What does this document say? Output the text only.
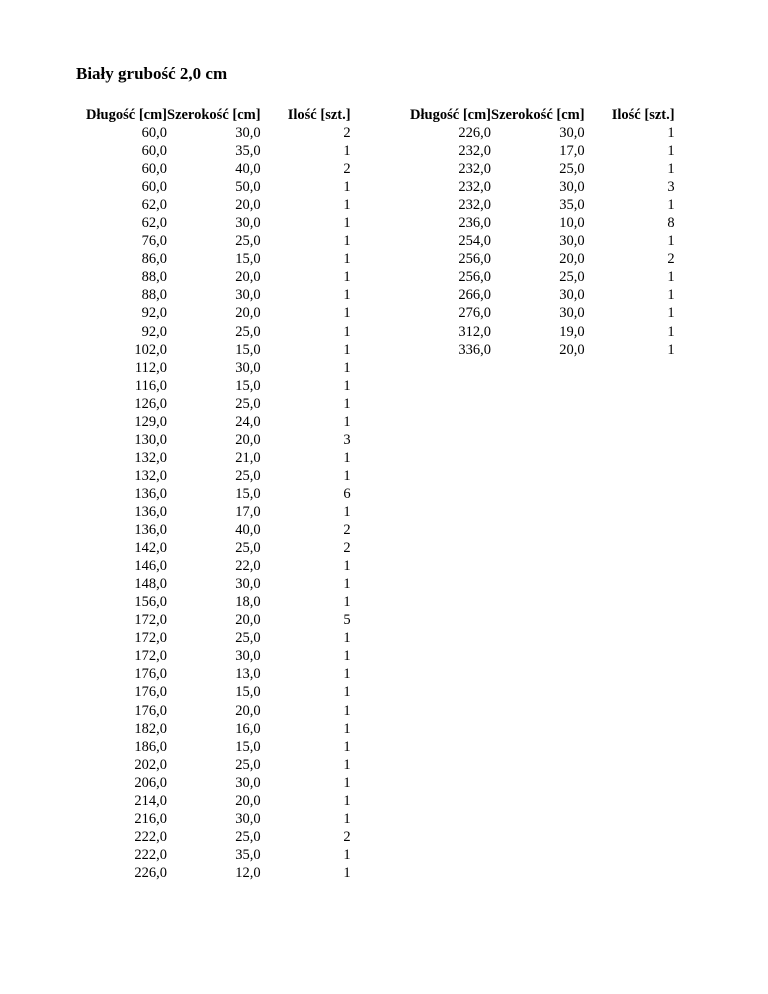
Biały grubość 2,0 cm
Długość [cm]	Szerokość [cm]	Ilość [szt.]
60,0	30,0	2
60,0	35,0	1
60,0	40,0	2
60,0	50,0	1
62,0	20,0	1
62,0	30,0	1
76,0	25,0	1
86,0	15,0	1
88,0	20,0	1
88,0	30,0	1
92,0	20,0	1
92,0	25,0	1
102,0	15,0	1
112,0	30,0	1
116,0	15,0	1
126,0	25,0	1
129,0	24,0	1
130,0	20,0	3
132,0	21,0	1
132,0	25,0	1
136,0	15,0	6
136,0	17,0	1
136,0	40,0	2
142,0	25,0	2
146,0	22,0	1
148,0	30,0	1
156,0	18,0	1
172,0	20,0	5
172,0	25,0	1
172,0	30,0	1
176,0	13,0	1
176,0	15,0	1
176,0	20,0	1
182,0	16,0	1
186,0	15,0	1
202,0	25,0	1
206,0	30,0	1
214,0	20,0	1
216,0	30,0	1
222,0	25,0	2
222,0	35,0	1
226,0	12,0	1
Długość [cm]	Szerokość [cm]	Ilość [szt.]
226,0	30,0	1
232,0	17,0	1
232,0	25,0	1
232,0	30,0	3
232,0	35,0	1
236,0	10,0	8
254,0	30,0	1
256,0	20,0	2
256,0	25,0	1
266,0	30,0	1
276,0	30,0	1
312,0	19,0	1
336,0	20,0	1
